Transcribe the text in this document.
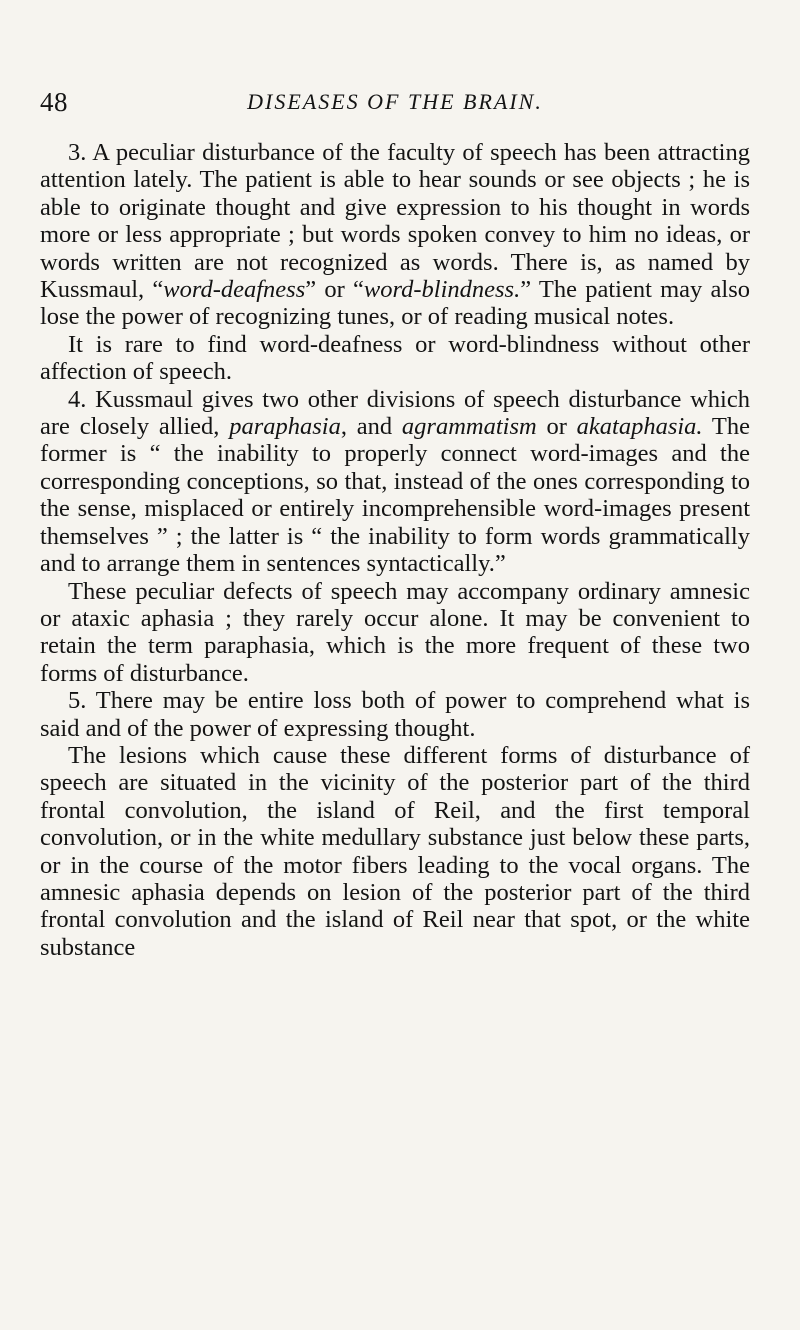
48	DISEASES OF THE BRAIN.

3. A peculiar disturbance of the faculty of speech has been attracting attention lately. The patient is able to hear sounds or see objects ; he is able to originate thought and give expression to his thought in words more or less appropriate ; but words spoken convey to him no ideas, or words written are not recognized as words. There is, as named by Kussmaul, “word-deafness” or “word-blindness.” The patient may also lose the power of recognizing tunes, or of reading musical notes.

It is rare to find word-deafness or word-blindness without other affection of speech.

4. Kussmaul gives two other divisions of speech disturbance which are closely allied, paraphasia, and agrammatism or akataphasia. The former is “ the inability to properly connect word-images and the corresponding conceptions, so that, instead of the ones corresponding to the sense, misplaced or entirely incomprehensible word-images present themselves ” ; the latter is “ the inability to form words grammatically and to arrange them in sentences syntactically.”

These peculiar defects of speech may accompany ordinary amnesic or ataxic aphasia ; they rarely occur alone. It may be convenient to retain the term paraphasia, which is the more frequent of these two forms of disturbance.

5. There may be entire loss both of power to comprehend what is said and of the power of expressing thought.

The lesions which cause these different forms of disturbance of speech are situated in the vicinity of the posterior part of the third frontal convolution, the island of Reil, and the first temporal convolution, or in the white medullary substance just below these parts, or in the course of the motor fibers leading to the vocal organs. The amnesic aphasia depends on lesion of the posterior part of the third frontal convolution and the island of Reil near that spot, or the white substance
